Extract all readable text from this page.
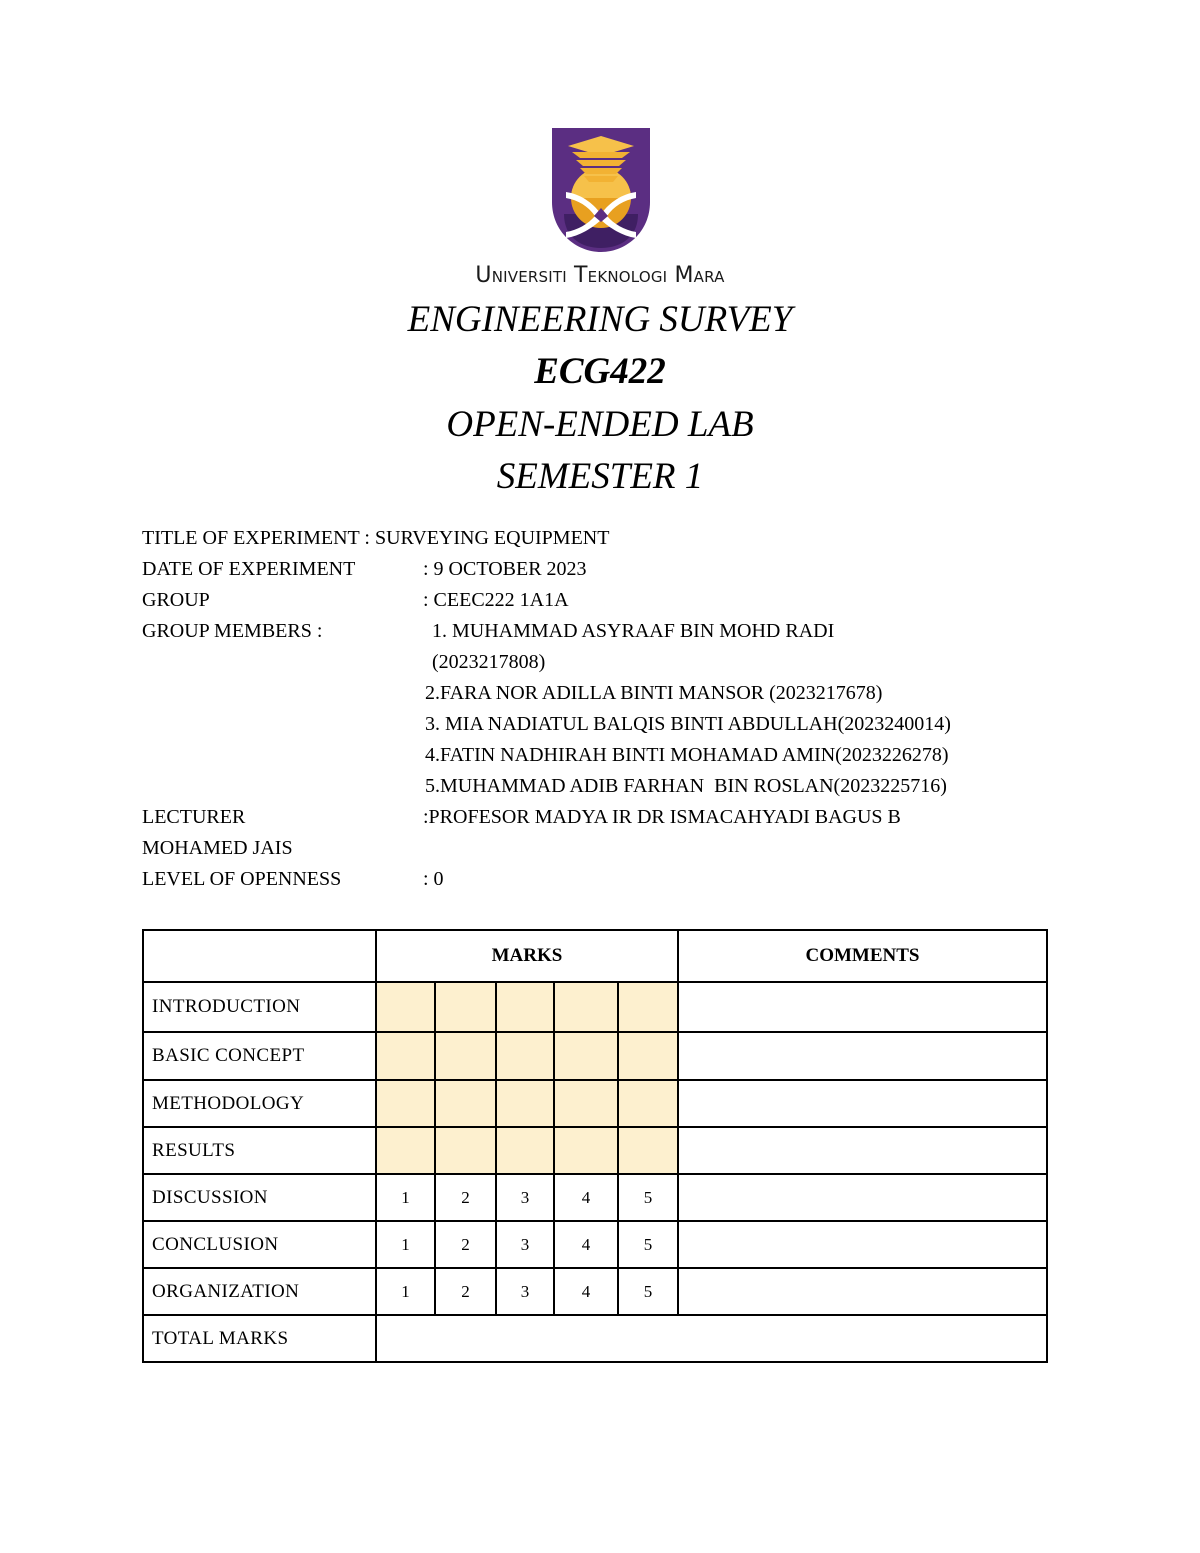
Universiti Teknologi Mara
ENGINEERING SURVEY
ECG422
OPEN-ENDED LAB
SEMESTER 1
TITLE OF EXPERIMENT : SURVEYING EQUIPMENT
DATE OF EXPERIMENT	: 9 OCTOBER 2023
GROUP	: CEEC222 1A1A
GROUP MEMBERS :	1. MUHAMMAD ASYRAAF BIN MOHD RADI
(2023217808)
2.FARA NOR ADILLA BINTI MANSOR (2023217678)
3. MIA NADIATUL BALQIS BINTI ABDULLAH(2023240014)
4.FATIN NADHIRAH BINTI MOHAMAD AMIN(2023226278)
5.MUHAMMAD ADIB FARHAN  BIN ROSLAN(2023225716)
LECTURER	:PROFESOR MADYA IR DR ISMACAHYADI BAGUS B
MOHAMED JAIS
LEVEL OF OPENNESS	: 0
	MARKS					COMMENTS
INTRODUCTION						
BASIC CONCEPT						
METHODOLOGY						
RESULTS						
DISCUSSION	1	2	3	4	5	
CONCLUSION	1	2	3	4	5	
ORGANIZATION	1	2	3	4	5	
TOTAL MARKS						
